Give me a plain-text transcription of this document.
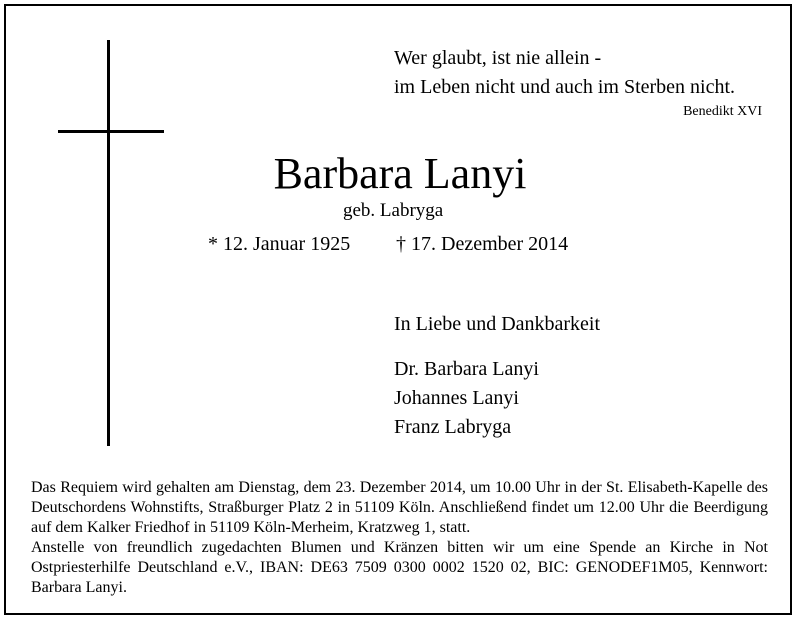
Wer glaubt, ist nie allein -
im Leben nicht und auch im Sterben nicht.
Benedikt XVI
Barbara Lanyi
geb. Labryga
* 12. Januar 1925 † 17. Dezember 2014
In Liebe und Dankbarkeit
Dr. Barbara Lanyi
Johannes Lanyi
Franz Labryga

Das Requiem wird gehalten am Dienstag, dem 23. Dezember 2014, um 10.00 Uhr in der St. Elisabeth-Kapelle des Deutschordens Wohnstifts, Straßburger Platz 2 in 51109 Köln. Anschließend findet um 12.00 Uhr die Beerdigung auf dem Kalker Friedhof in 51109 Köln-Merheim, Kratzweg 1, statt.

Anstelle von freundlich zugedachten Blumen und Kränzen bitten wir um eine Spende an Kirche in Not Ostpriesterhilfe Deutschland e.V., IBAN: DE63 7509 0300 0002 1520 02, BIC: GENODEF1M05, Kennwort: Barbara Lanyi.
